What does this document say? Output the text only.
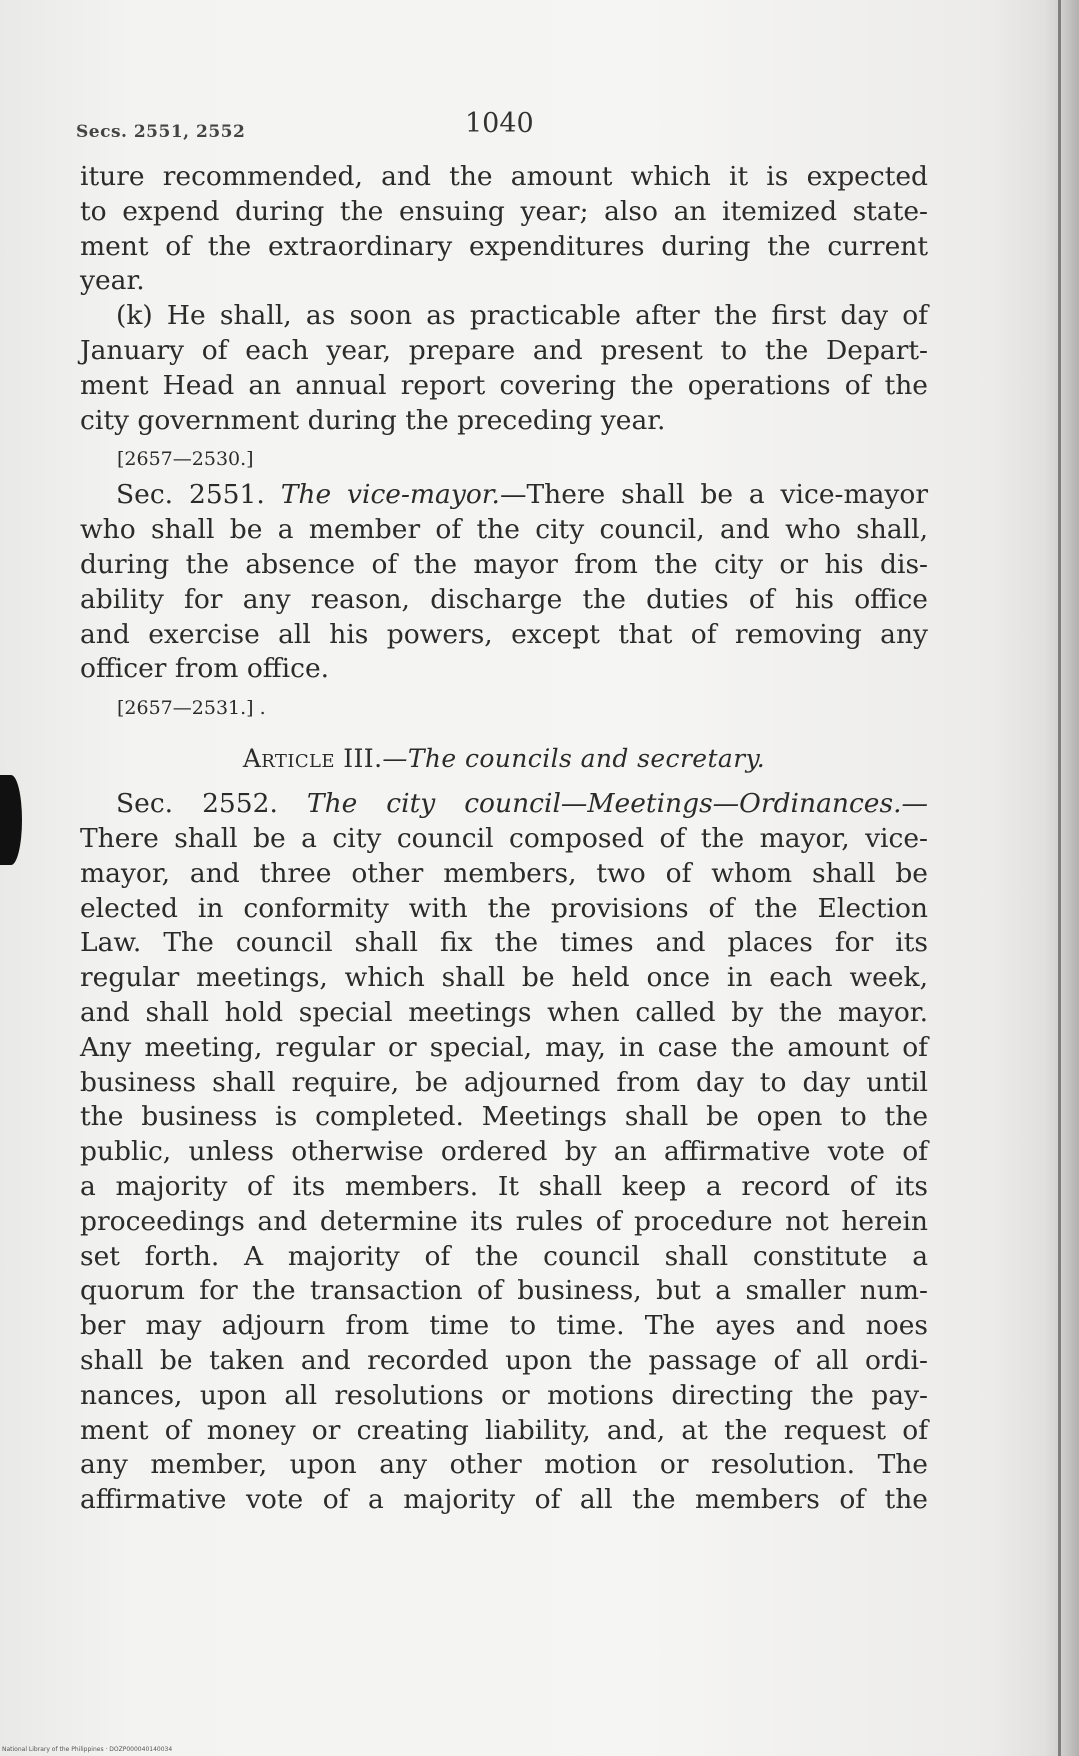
Secs. 2551, 2552	1040
iture recommended, and the amount which it is expected
to expend during the ensuing year; also an itemized state-
ment of the extraordinary expenditures during the current
year.
(k) He shall, as soon as practicable after the first day of
January of each year, prepare and present to the Depart-
ment Head an annual report covering the operations of the
city government during the preceding year.
[2657—2530.]
Sec. 2551. The vice-mayor.—There shall be a vice-mayor
who shall be a member of the city council, and who shall,
during the absence of the mayor from the city or his dis-
ability for any reason, discharge the duties of his office
and exercise all his powers, except that of removing any
officer from office.
[2657—2531.] .
Article III.—The councils and secretary.
Sec. 2552. The city council—Meetings—Ordinances.—
There shall be a city council composed of the mayor, vice-
mayor, and three other members, two of whom shall be
elected in conformity with the provisions of the Election
Law. The council shall fix the times and places for its
regular meetings, which shall be held once in each week,
and shall hold special meetings when called by the mayor.
Any meeting, regular or special, may, in case the amount of
business shall require, be adjourned from day to day until
the business is completed. Meetings shall be open to the
public, unless otherwise ordered by an affirmative vote of
a majority of its members. It shall keep a record of its
proceedings and determine its rules of procedure not herein
set forth. A majority of the council shall constitute a
quorum for the transaction of business, but a smaller num-
ber may adjourn from time to time. The ayes and noes
shall be taken and recorded upon the passage of all ordi-
nances, upon all resolutions or motions directing the pay-
ment of money or creating liability, and, at the request of
any member, upon any other motion or resolution. The
affirmative vote of a majority of all the members of the
National Library of the Philippines · DOZP000040140034
